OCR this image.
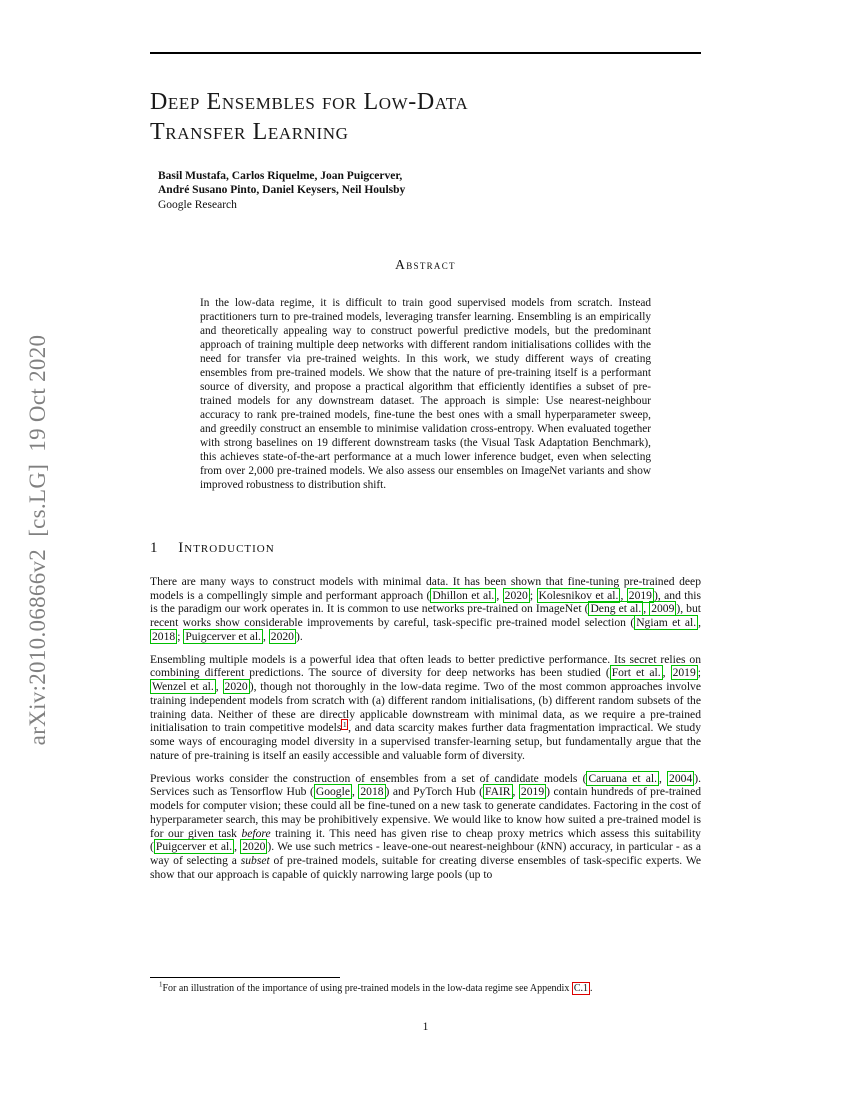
arXiv:2010.06866v2  [cs.LG]  19 Oct 2020
Deep Ensembles for Low-Data
Transfer Learning
Basil Mustafa, Carlos Riquelme, Joan Puigcerver,
André Susano Pinto, Daniel Keysers, Neil Houlsby
Google Research
Abstract

In the low-data regime, it is difficult to train good supervised models from scratch. Instead practitioners turn to pre-trained models, leveraging transfer learning. Ensembling is an empirically and theoretically appealing way to construct powerful predictive models, but the predominant approach of training multiple deep networks with different random initialisations collides with the need for transfer via pre-trained weights. In this work, we study different ways of creating ensembles from pre-trained models. We show that the nature of pre-training itself is a performant source of diversity, and propose a practical algorithm that efficiently identifies a subset of pre-trained models for any downstream dataset. The approach is simple: Use nearest-neighbour accuracy to rank pre-trained models, fine-tune the best ones with a small hyperparameter sweep, and greedily construct an ensemble to minimise validation cross-entropy. When evaluated together with strong baselines on 19 different downstream tasks (the Visual Task Adaptation Benchmark), this achieves state-of-the-art performance at a much lower inference budget, even when selecting from over 2,000 pre-trained models. We also assess our ensembles on ImageNet variants and show improved robustness to distribution shift.

1 Introduction

There are many ways to construct models with minimal data. It has been shown that fine-tuning pre-trained deep models is a compellingly simple and performant approach ( Dhillon et al. , 2020 ; Kolesnikov et al. , 2019 ), and this is the paradigm our work operates in. It is common to use networks pre-trained on ImageNet ( Deng et al. , 2009 ), but recent works show considerable improvements by careful, task-specific pre-trained model selection ( Ngiam et al. , 2018 ; Puigcerver et al. , 2020 ).

Ensembling multiple models is a powerful idea that often leads to better predictive performance. Its secret relies on combining different predictions. The source of diversity for deep networks has been studied ( Fort et al. , 2019 ; Wenzel et al. , 2020 ), though not thoroughly in the low-data regime. Two of the most common approaches involve training independent models from scratch with (a) different random initialisations, (b) different random subsets of the training data. Neither of these are directly applicable downstream with minimal data, as we require a pre-trained initialisation to train competitive models $^1$ , and data scarcity makes further data fragmentation impractical. We study some ways of encouraging model diversity in a supervised transfer-learning setup, but fundamentally argue that the nature of pre-training is itself an easily accessible and valuable form of diversity.

Previous works consider the construction of ensembles from a set of candidate models ( Caruana et al. , 2004 ). Services such as Tensorflow Hub ( Google , 2018 ) and PyTorch Hub ( FAIR , 2019 ) contain hundreds of pre-trained models for computer vision; these could all be fine-tuned on a new task to generate candidates. Factoring in the cost of hyperparameter search, this may be prohibitively expensive. We would like to know how suited a pre-trained model is for our given task before training it. This need has given rise to cheap proxy metrics which assess this suitability ( Puigcerver et al. , 2020 ). We use such metrics - leave-one-out nearest-neighbour (kNN) accuracy, in particular - as a way of selecting a subset of pre-trained models, suitable for creating diverse ensembles of task-specific experts. We show that our approach is capable of quickly narrowing large pools (up to

$^1$For an illustration of the importance of using pre-trained models in the low-data regime see Appendix C.1 .

1
